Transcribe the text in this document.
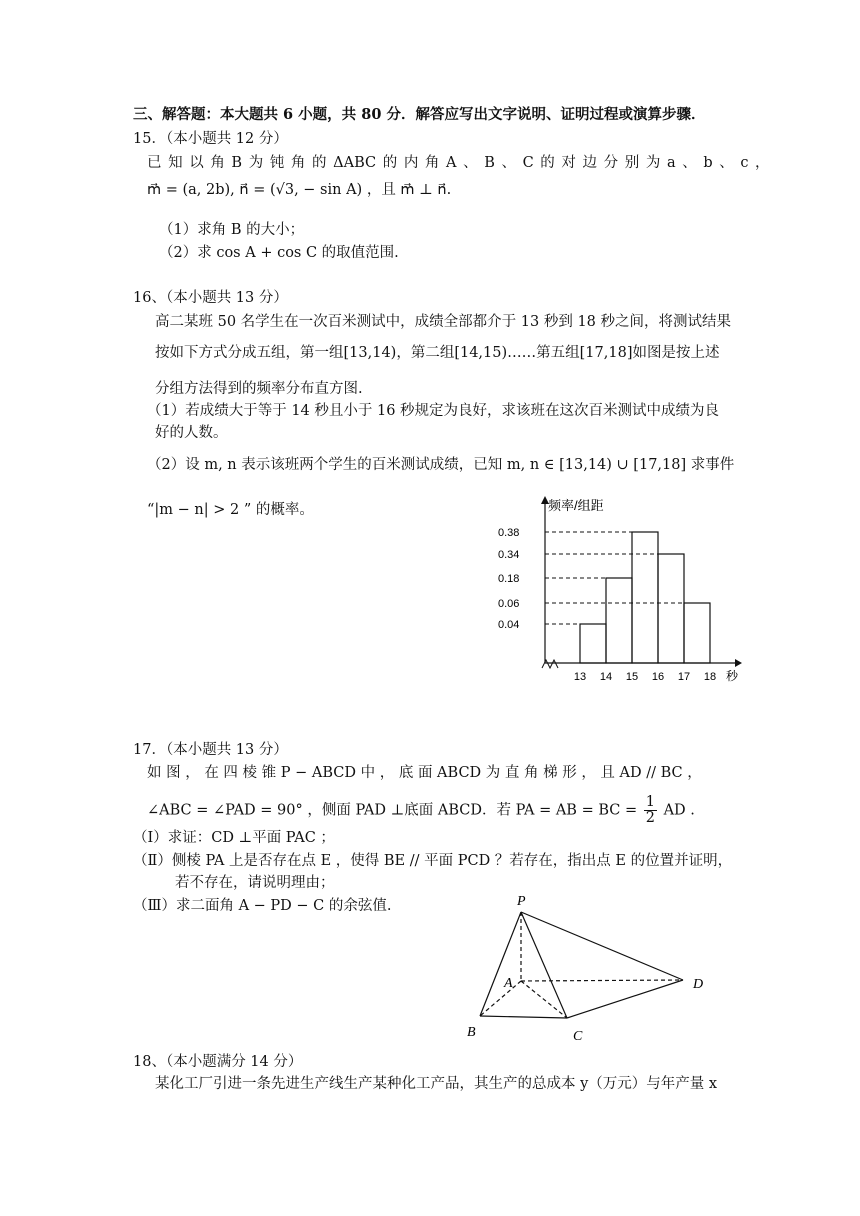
三、解答题：本大题共 6 小题，共 80 分．解答应写出文字说明、证明过程或演算步骤．
15．（本小题共 12 分）
已 知 以 角 B 为 钝 角 的 ΔABC 的 内 角 A 、 B 、 C 的 对 边 分 别 为 a 、 b 、 c ，
m⃗ = (a, 2b), n⃗ = (√3, − sin A) ，且 m⃗ ⊥ n⃗.
（1）求角 B 的大小；
（2）求 cos A + cos C 的取值范围.
16、（本小题共 13 分）
高二某班 50 名学生在一次百米测试中，成绩全部都介于 13 秒到 18 秒之间，将测试结果
按如下方式分成五组，第一组[13,14)，第二组[14,15)……第五组[17,18]如图是按上述
分组方法得到的频率分布直方图.
（1）若成绩大于等于 14 秒且小于 16 秒规定为良好，求该班在这次百米测试中成绩为良
好的人数。
（2）设 m, n 表示该班两个学生的百米测试成绩，已知 m, n ∈ [13,14) ∪ [17,18] 求事件
“|m − n| > 2 ” 的概率。	频率/组距
0.38
0.34
0.18
0.06
0.04
13 14 15 16 17 18 秒
17．（本小题共 13 分）
如 图 ， 在 四 棱 锥 P − ABCD 中 ， 底 面 ABCD 为 直 角 梯 形 ， 且 AD // BC ，
∠ABC = ∠PAD = 90° ，侧面 PAD ⊥底面 ABCD．若 PA = AB = BC = $\frac{1}{2}$ AD .
（Ⅰ）求证：CD ⊥平面 PAC ；
（Ⅱ）侧棱 PA 上是否存在点 E ，使得 BE // 平面 PCD ？若存在，指出点 E 的位置并证明，
若不存在，请说明理由；
（Ⅲ）求二面角 A − PD − C 的余弦值.	P
A
B	C
D
18、（本小题满分 14 分）
某化工厂引进一条先进生产线生产某种化工产品，其生产的总成本 y（万元）与年产量 x
